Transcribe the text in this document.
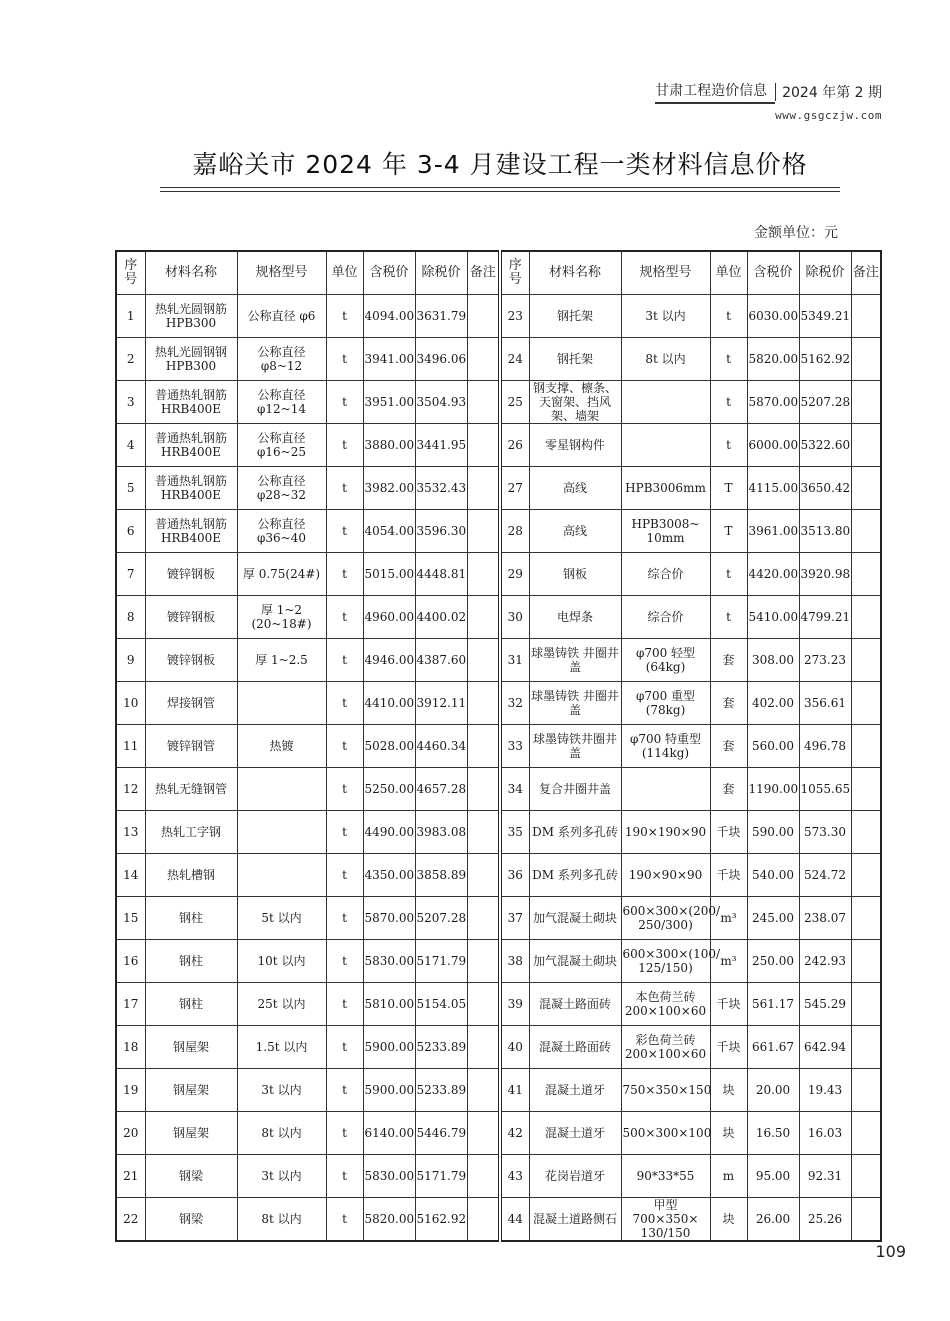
甘肃工程造价信息	2024 年第 2 期
www.gsgczjw.com
嘉峪关市 2024 年 3-4 月建设工程一类材料信息价格
金额单位：元
序号	材料名称	规格型号	单位	含税价	除税价	备注	序号	材料名称	规格型号	单位	含税价	除税价	备注
1	热轧光圆钢筋 HPB300	公称直径 φ6	t	4094.00	3631.79		23	钢托架	3t 以内	t	6030.00	5349.21	
2	热轧光圆钢钢 HPB300	公称直径 φ8~12	t	3941.00	3496.06		24	钢托架	8t 以内	t	5820.00	5162.92	
3	普通热轧钢筋 HRB400E	公称直径 φ12~14	t	3951.00	3504.93		25	钢支撑、檩条、天窗架、挡风架、墙架		t	5870.00	5207.28	
4	普通热轧钢筋 HRB400E	公称直径 φ16~25	t	3880.00	3441.95		26	零星钢构件		t	6000.00	5322.60	
5	普通热轧钢筋 HRB400E	公称直径 φ28~32	t	3982.00	3532.43		27	高线	HPB3006mm	T	4115.00	3650.42	
6	普通热轧钢筋 HRB400E	公称直径 φ36~40	t	4054.00	3596.30		28	高线	HPB3008~ 10mm	T	3961.00	3513.80	
7	镀锌钢板	厚 0.75(24#)	t	5015.00	4448.81		29	钢板	综合价	t	4420.00	3920.98	
8	镀锌钢板	厚 1~2 (20~18#)	t	4960.00	4400.02		30	电焊条	综合价	t	5410.00	4799.21	
9	镀锌钢板	厚 1~2.5	t	4946.00	4387.60		31	球墨铸铁 井圈井盖	φ700 轻型 (64kg)	套	308.00	273.23	
10	焊接钢管		t	4410.00	3912.11		32	球墨铸铁 井圈井盖	φ700 重型 (78kg)	套	402.00	356.61	
11	镀锌钢管	热镀	t	5028.00	4460.34		33	球墨铸铁井圈井盖	φ700 特重型 (114kg)	套	560.00	496.78	
12	热轧无缝钢管		t	5250.00	4657.28		34	复合井圈井盖		套	1190.00	1055.65	
13	热轧工字钢		t	4490.00	3983.08		35	DM 系列多孔砖	190×190×90	千块	590.00	573.30	
14	热轧槽钢		t	4350.00	3858.89		36	DM 系列多孔砖	190×90×90	千块	540.00	524.72	
15	钢柱	5t 以内	t	5870.00	5207.28		37	加气混凝土砌块	600×300×(200/ 250/300)	m³	245.00	238.07	
16	钢柱	10t 以内	t	5830.00	5171.79		38	加气混凝土砌块	600×300×(100/ 125/150)	m³	250.00	242.93	
17	钢柱	25t 以内	t	5810.00	5154.05		39	混凝土路面砖	本色荷兰砖 200×100×60	千块	561.17	545.29	
18	钢屋架	1.5t 以内	t	5900.00	5233.89		40	混凝土路面砖	彩色荷兰砖 200×100×60	千块	661.67	642.94	
19	钢屋架	3t 以内	t	5900.00	5233.89		41	混凝土道牙	750×350×150	块	20.00	19.43	
20	钢屋架	8t 以内	t	6140.00	5446.79		42	混凝土道牙	500×300×100	块	16.50	16.03	
21	钢梁	3t 以内	t	5830.00	5171.79		43	花岗岩道牙	90*33*55	m	95.00	92.31	
22	钢梁	8t 以内	t	5820.00	5162.92		44	混凝土道路侧石	甲型 700×350× 130/150	块	26.00	25.26	
109
